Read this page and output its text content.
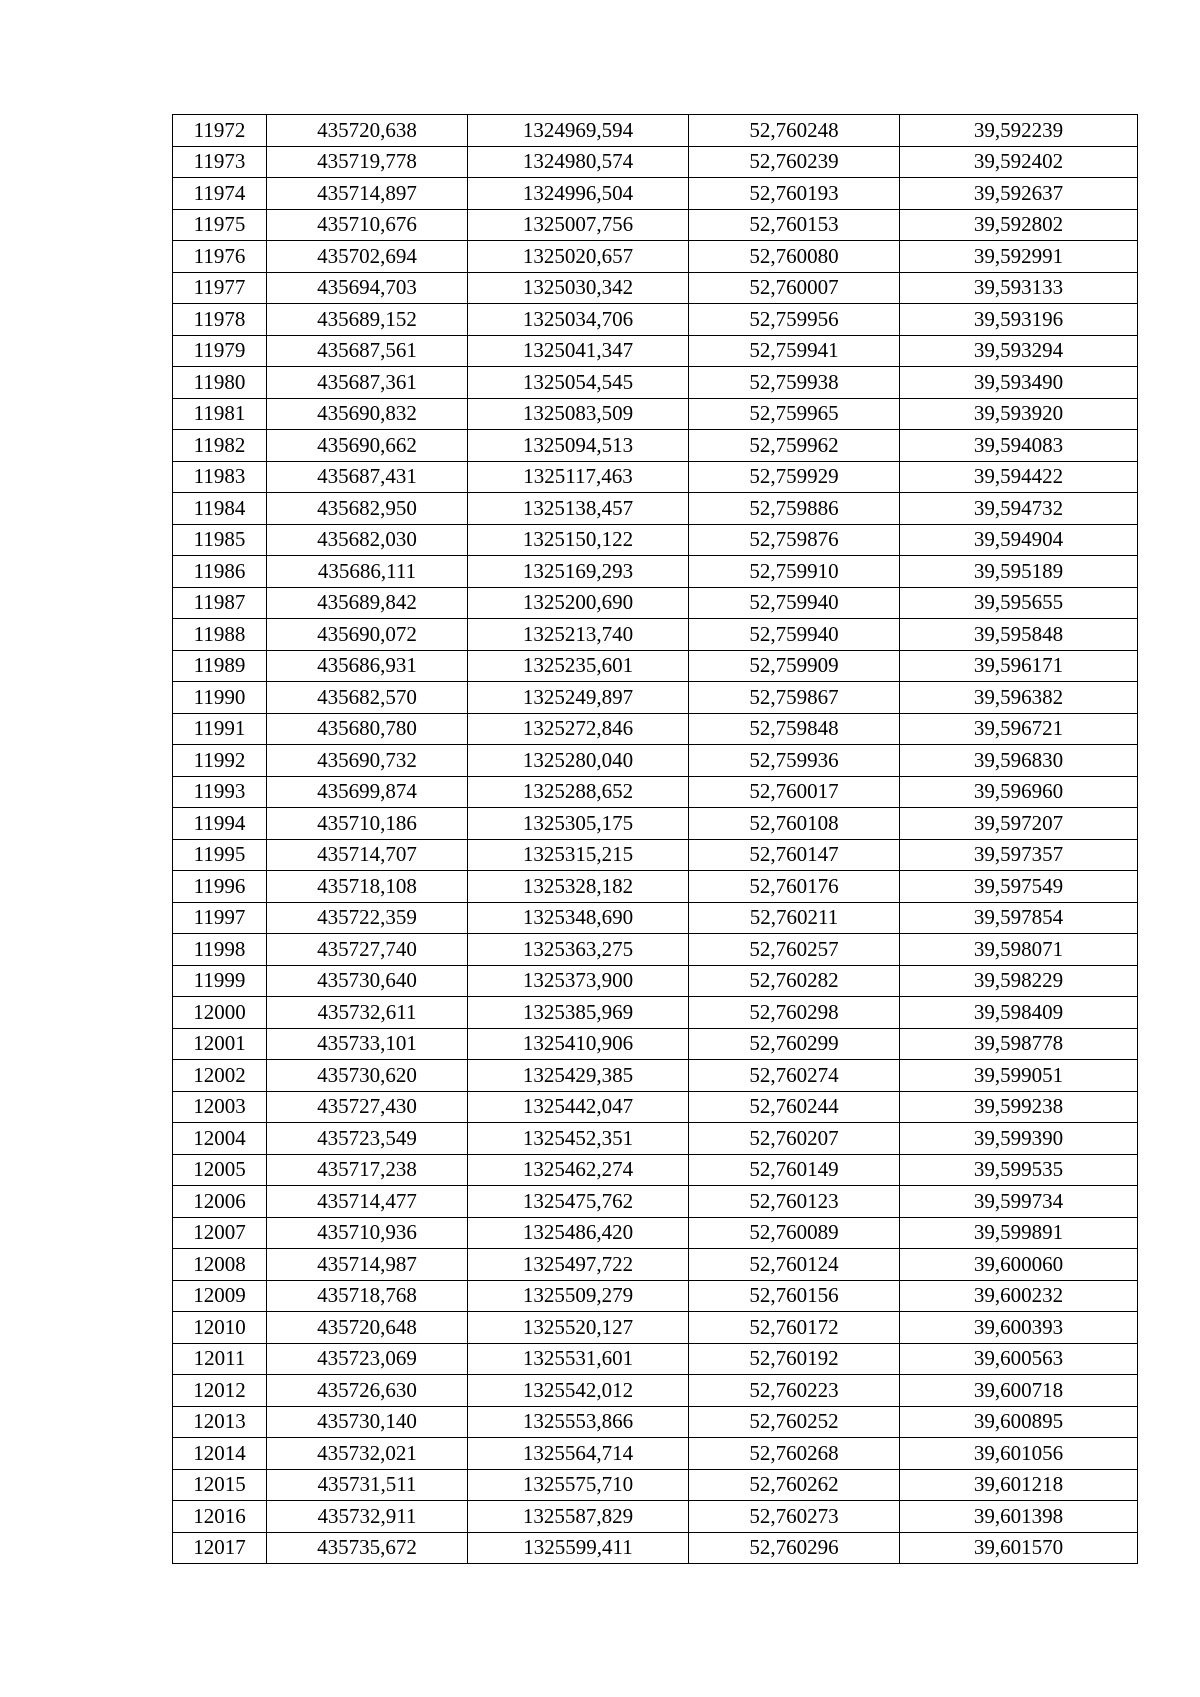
11972	435720,638	1324969,594	52,760248	39,592239
11973	435719,778	1324980,574	52,760239	39,592402
11974	435714,897	1324996,504	52,760193	39,592637
11975	435710,676	1325007,756	52,760153	39,592802
11976	435702,694	1325020,657	52,760080	39,592991
11977	435694,703	1325030,342	52,760007	39,593133
11978	435689,152	1325034,706	52,759956	39,593196
11979	435687,561	1325041,347	52,759941	39,593294
11980	435687,361	1325054,545	52,759938	39,593490
11981	435690,832	1325083,509	52,759965	39,593920
11982	435690,662	1325094,513	52,759962	39,594083
11983	435687,431	1325117,463	52,759929	39,594422
11984	435682,950	1325138,457	52,759886	39,594732
11985	435682,030	1325150,122	52,759876	39,594904
11986	435686,111	1325169,293	52,759910	39,595189
11987	435689,842	1325200,690	52,759940	39,595655
11988	435690,072	1325213,740	52,759940	39,595848
11989	435686,931	1325235,601	52,759909	39,596171
11990	435682,570	1325249,897	52,759867	39,596382
11991	435680,780	1325272,846	52,759848	39,596721
11992	435690,732	1325280,040	52,759936	39,596830
11993	435699,874	1325288,652	52,760017	39,596960
11994	435710,186	1325305,175	52,760108	39,597207
11995	435714,707	1325315,215	52,760147	39,597357
11996	435718,108	1325328,182	52,760176	39,597549
11997	435722,359	1325348,690	52,760211	39,597854
11998	435727,740	1325363,275	52,760257	39,598071
11999	435730,640	1325373,900	52,760282	39,598229
12000	435732,611	1325385,969	52,760298	39,598409
12001	435733,101	1325410,906	52,760299	39,598778
12002	435730,620	1325429,385	52,760274	39,599051
12003	435727,430	1325442,047	52,760244	39,599238
12004	435723,549	1325452,351	52,760207	39,599390
12005	435717,238	1325462,274	52,760149	39,599535
12006	435714,477	1325475,762	52,760123	39,599734
12007	435710,936	1325486,420	52,760089	39,599891
12008	435714,987	1325497,722	52,760124	39,600060
12009	435718,768	1325509,279	52,760156	39,600232
12010	435720,648	1325520,127	52,760172	39,600393
12011	435723,069	1325531,601	52,760192	39,600563
12012	435726,630	1325542,012	52,760223	39,600718
12013	435730,140	1325553,866	52,760252	39,600895
12014	435732,021	1325564,714	52,760268	39,601056
12015	435731,511	1325575,710	52,760262	39,601218
12016	435732,911	1325587,829	52,760273	39,601398
12017	435735,672	1325599,411	52,760296	39,601570
